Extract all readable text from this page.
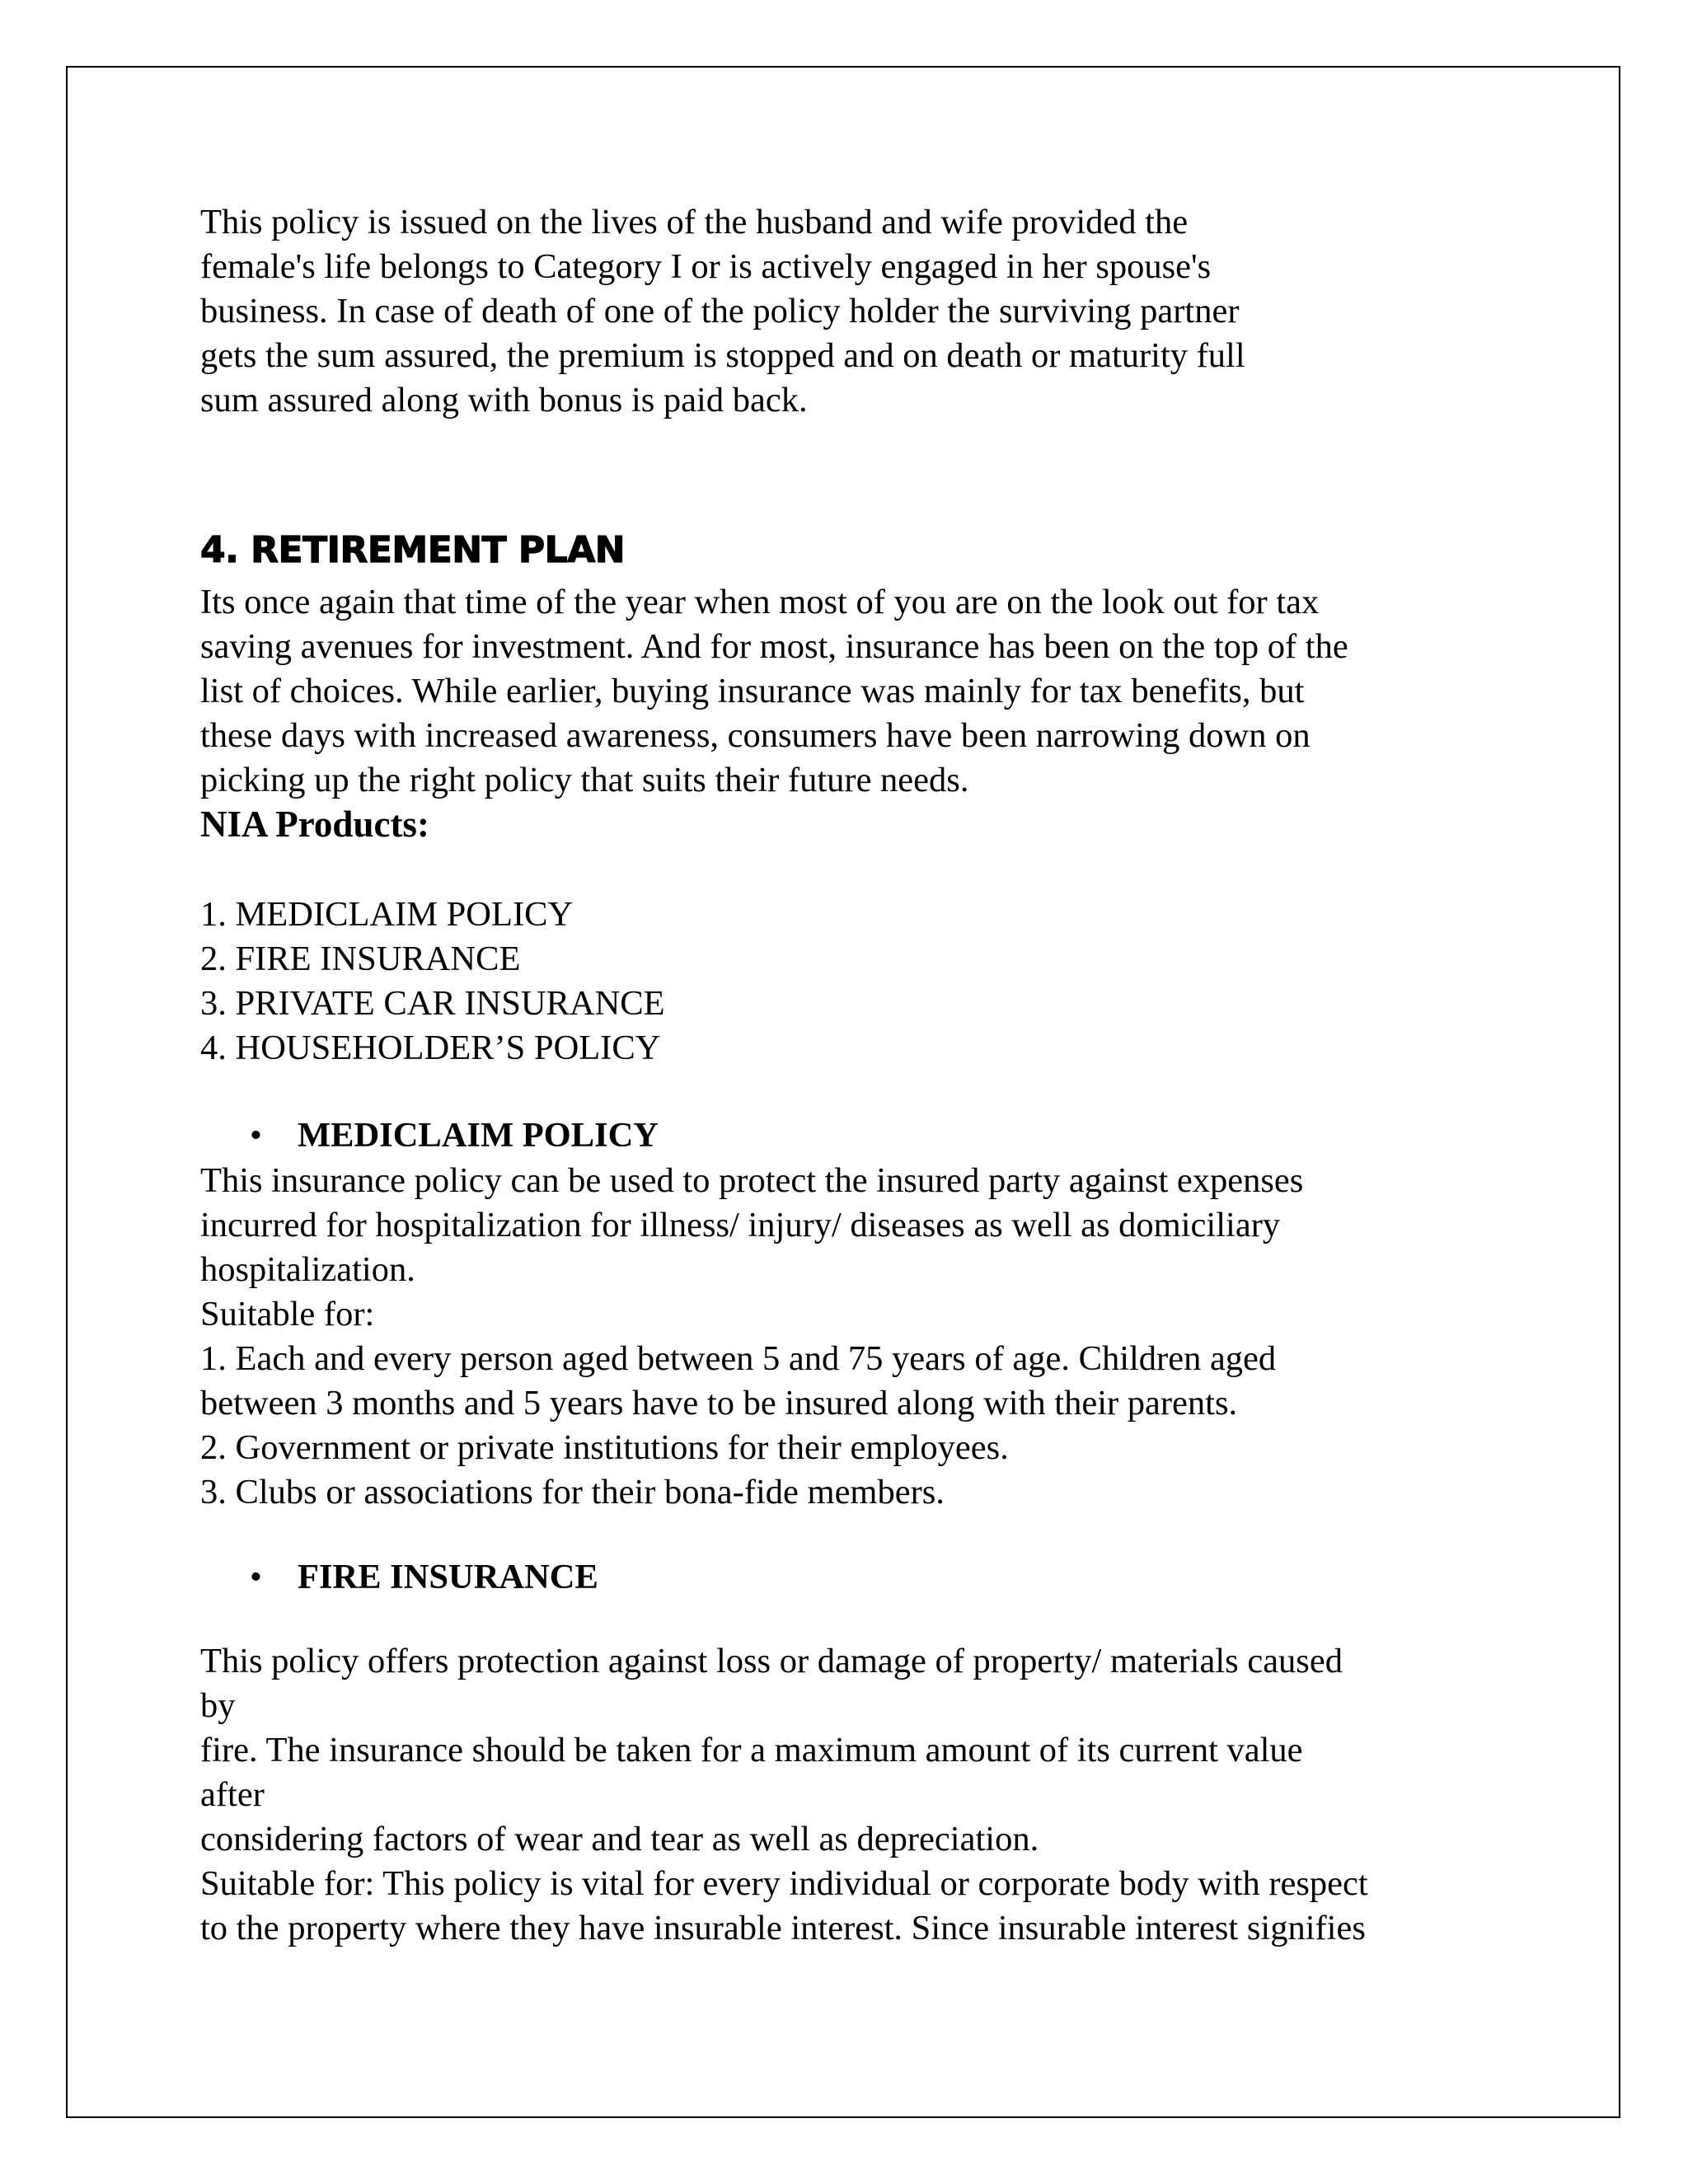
This policy is issued on the lives of the husband and wife provided the
female's life belongs to Category I or is actively engaged in her spouse's
business. In case of death of one of the policy holder the surviving partner
gets the sum assured, the premium is stopped and on death or maturity full
sum assured along with bonus is paid back.
4. RETIREMENT PLAN
Its once again that time of the year when most of you are on the look out for tax
saving avenues for investment. And for most, insurance has been on the top of the
list of choices. While earlier, buying insurance was mainly for tax benefits, but
these days with increased awareness, consumers have been narrowing down on
picking up the right policy that suits their future needs.
NIA Products:
1. MEDICLAIM POLICY
2. FIRE INSURANCE
3. PRIVATE CAR INSURANCE
4. HOUSEHOLDER’S POLICY
• MEDICLAIM POLICY
This insurance policy can be used to protect the insured party against expenses
incurred for hospitalization for illness/ injury/ diseases as well as domiciliary
hospitalization.
Suitable for:
1. Each and every person aged between 5 and 75 years of age. Children aged
between 3 months and 5 years have to be insured along with their parents.
2. Government or private institutions for their employees.
3. Clubs or associations for their bona-fide members.
• FIRE INSURANCE
This policy offers protection against loss or damage of property/ materials caused
by
fire. The insurance should be taken for a maximum amount of its current value
after
considering factors of wear and tear as well as depreciation.
Suitable for: This policy is vital for every individual or corporate body with respect
to the property where they have insurable interest. Since insurable interest signifies
